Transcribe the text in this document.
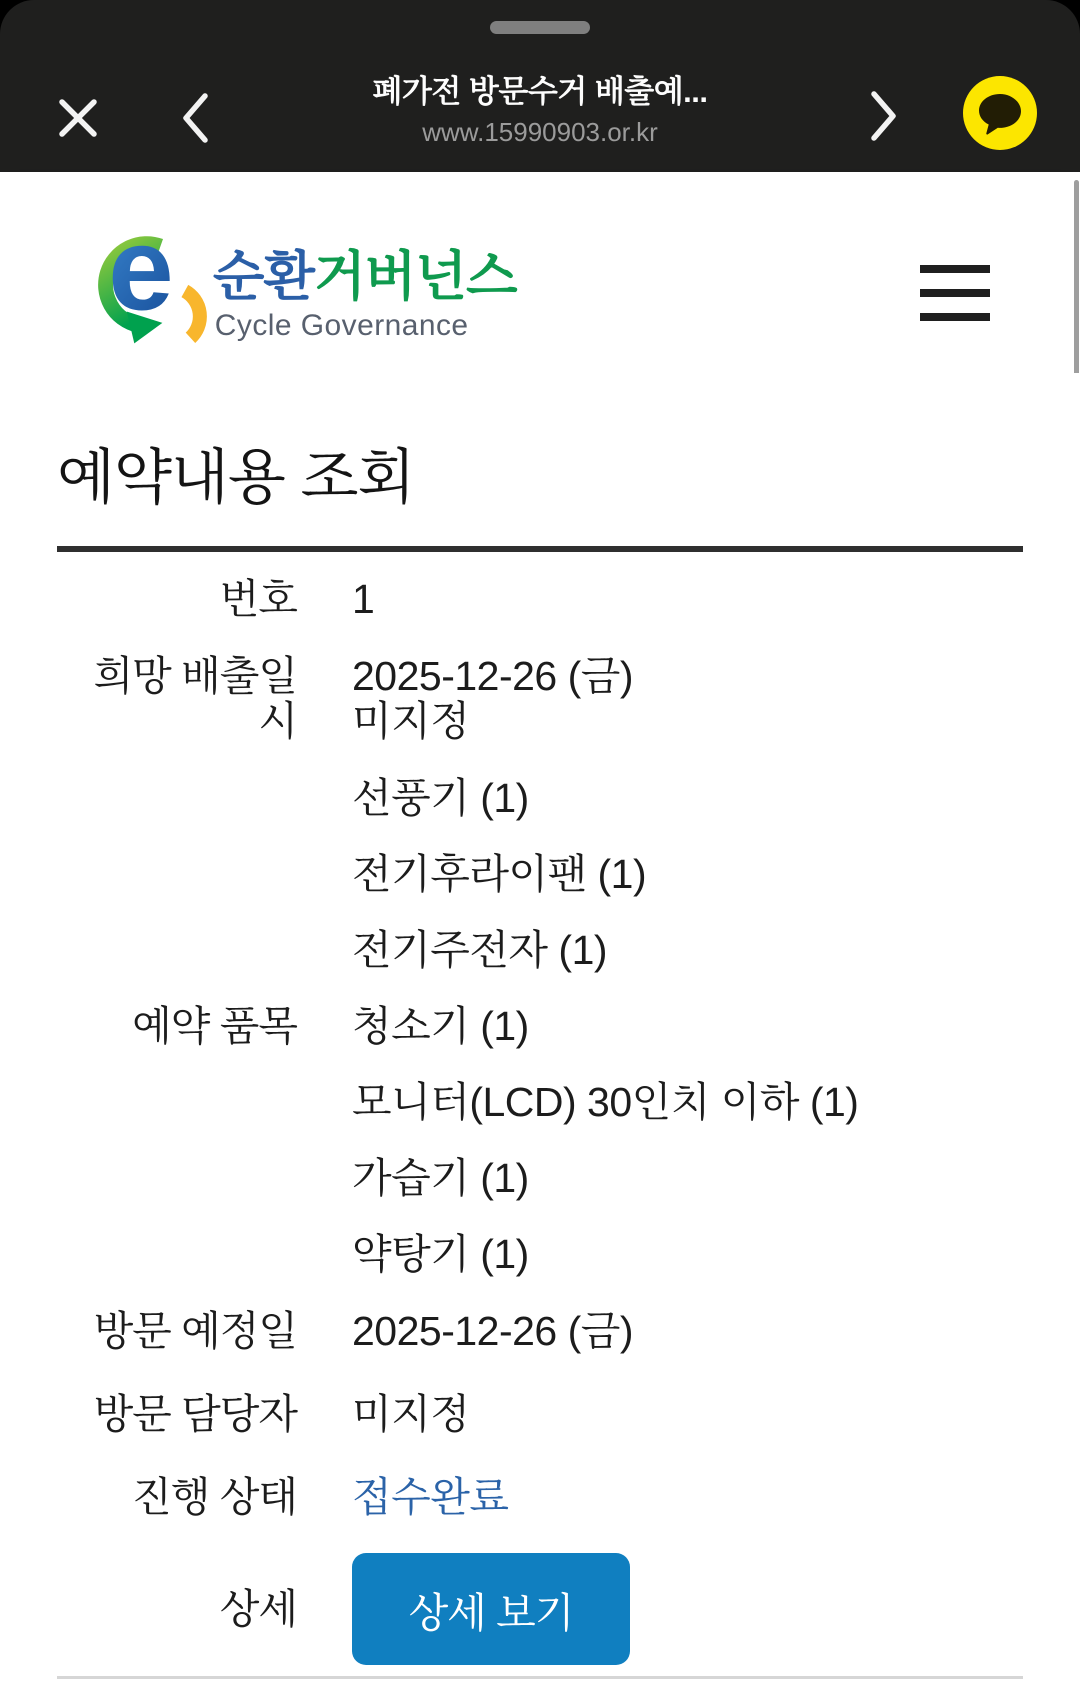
폐가전 방문수거 배출예...
www.15990903.or.kr
e 순환거버넌스
Cycle Governance
예약내용 조회
번호 1
희망 배출일시
2025-12-26 (금)
미지정
예약 품목
선풍기 (1)
전기후라이팬 (1)
전기주전자 (1)
청소기 (1)
모니터(LCD) 30인치 이하 (1)
가습기 (1)
약탕기 (1)
방문 예정일 2025-12-26 (금)
방문 담당자 미지정
진행 상태 접수완료
상세	상세 보기
